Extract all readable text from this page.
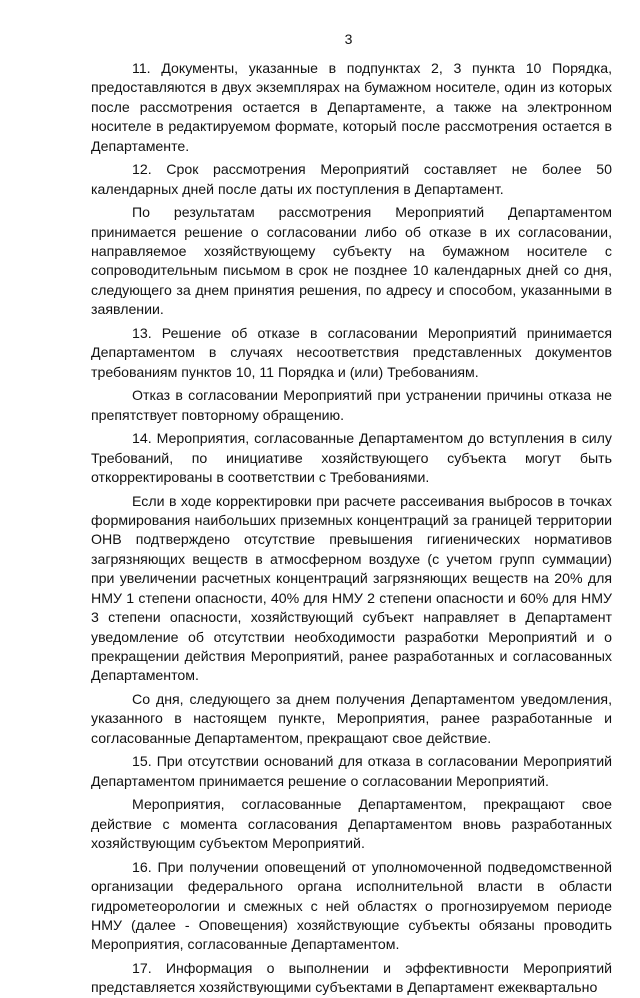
3

11. Документы, указанные в подпунктах 2, 3 пункта 10 Порядка, предоставляются в двух экземплярах на бумажном носителе, один из которых после рассмотрения остается в Департаменте, а также на электронном носителе в редактируемом формате, который после рассмотрения остается в Департаменте.

12. Срок рассмотрения Мероприятий составляет не более 50 календарных дней после даты их поступления в Департамент.

По результатам рассмотрения Мероприятий Департаментом принимается решение о согласовании либо об отказе в их согласовании, направляемое хозяйствующему субъекту на бумажном носителе с сопроводительным письмом в срок не позднее 10 календарных дней со дня, следующего за днем принятия решения, по адресу и способом, указанными в заявлении.

13. Решение об отказе в согласовании Мероприятий принимается Департаментом в случаях несоответствия представленных документов требованиям пунктов 10, 11 Порядка и (или) Требованиям.

Отказ в согласовании Мероприятий при устранении причины отказа не препятствует повторному обращению.

14. Мероприятия, согласованные Департаментом до вступления в силу Требований, по инициативе хозяйствующего субъекта могут быть откорректированы в соответствии с Требованиями.

Если в ходе корректировки при расчете рассеивания выбросов в точках формирования наибольших приземных концентраций за границей территории ОНВ подтверждено отсутствие превышения гигиенических нормативов загрязняющих веществ в атмосферном воздухе (с учетом групп суммации) при увеличении расчетных концентраций загрязняющих веществ на 20% для НМУ 1 степени опасности, 40% для НМУ 2 степени опасности и 60% для НМУ 3 степени опасности, хозяйствующий субъект направляет в Департамент уведомление об отсутствии необходимости разработки Мероприятий и о прекращении действия Мероприятий, ранее разработанных и согласованных Департаментом.

Со дня, следующего за днем получения Департаментом уведомления, указанного в настоящем пункте, Мероприятия, ранее разработанные и согласованные Департаментом, прекращают свое действие.

15. При отсутствии оснований для отказа в согласовании Мероприятий Департаментом принимается решение о согласовании Мероприятий.

Мероприятия, согласованные Департаментом, прекращают свое действие с момента согласования Департаментом вновь разработанных хозяйствующим субъектом Мероприятий.

16. При получении оповещений от уполномоченной подведомственной организации федерального органа исполнительной власти в области гидрометеорологии и смежных с ней областях о прогнозируемом периоде НМУ (далее - Оповещения) хозяйствующие субъекты обязаны проводить Мероприятия, согласованные Департаментом.

17. Информация о выполнении и эффективности Мероприятий представляется хозяйствующими субъектами в Департамент ежеквартально
